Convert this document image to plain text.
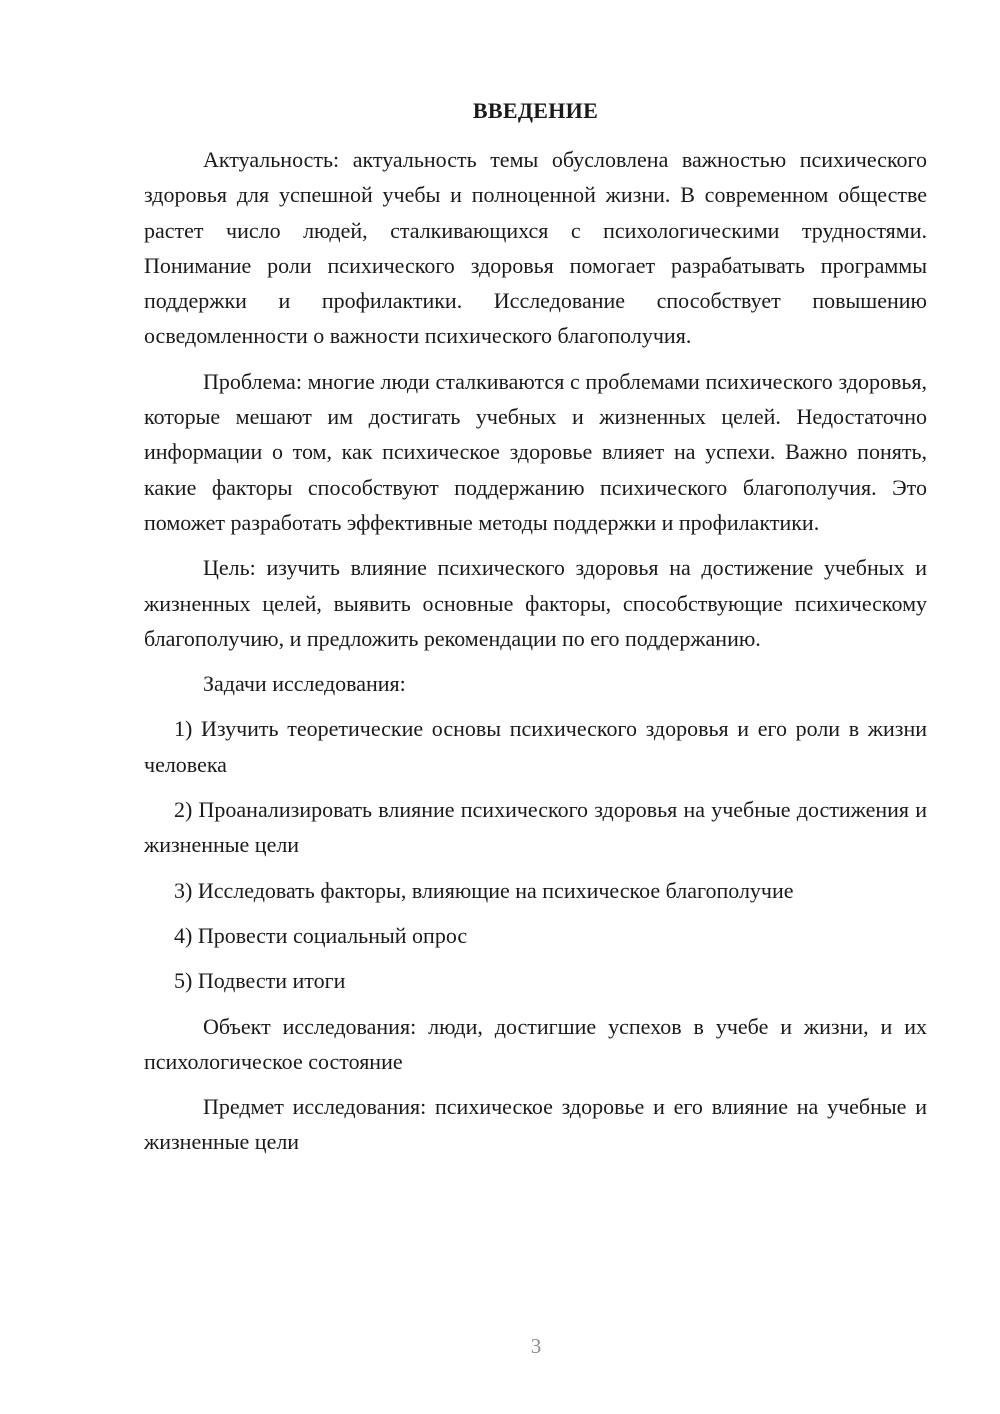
ВВЕДЕНИЕ

Актуальность: актуальность темы обусловлена важностью психического здоровья для успешной учебы и полноценной жизни. В современном обществе растет число людей, сталкивающихся с психологическими трудностями. Понимание роли психического здоровья помогает разрабатывать программы поддержки и профилактики. Исследование способствует повышению осведомленности о важности психического благополучия.

Проблема: многие люди сталкиваются с проблемами психического здоровья, которые мешают им достигать учебных и жизненных целей. Недостаточно информации о том, как психическое здоровье влияет на успехи. Важно понять, какие факторы способствуют поддержанию психического благополучия. Это поможет разработать эффективные методы поддержки и профилактики.

Цель: изучить влияние психического здоровья на достижение учебных и жизненных целей, выявить основные факторы, способствующие психическому благополучию, и предложить рекомендации по его поддержанию.

Задачи исследования:

1) Изучить теоретические основы психического здоровья и его роли в жизни человека

2) Проанализировать влияние психического здоровья на учебные достижения и жизненные цели

3) Исследовать факторы, влияющие на психическое благополучие

4) Провести социальный опрос

5) Подвести итоги

Объект исследования: люди, достигшие успехов в учебе и жизни, и их психологическое состояние

Предмет исследования: психическое здоровье и его влияние на учебные и жизненные цели

3
